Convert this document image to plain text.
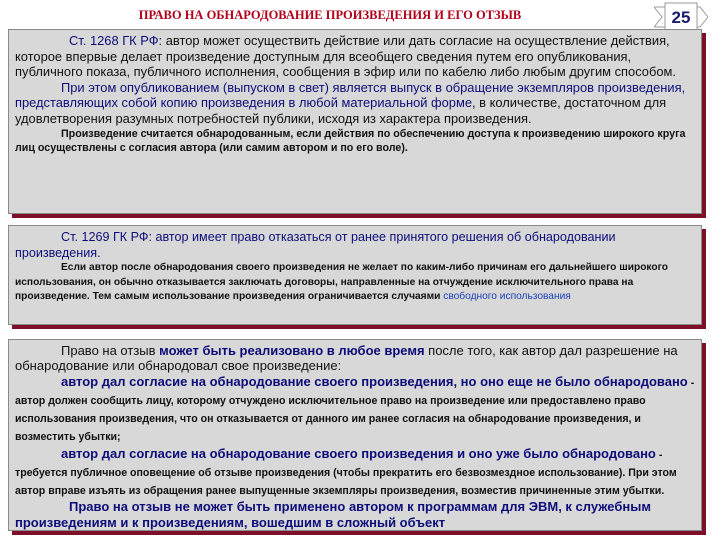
ПРАВО НА ОБНАРОДОВАНИЕ ПРОИЗВЕДЕНИЯ И ЕГО ОТЗЫВ	25

Ст. 1268 ГК РФ: автор может осуществить действие или дать согласие на осуществление действия, которое впервые делает произведение доступным для всеобщего сведения путем его опубликования, публичного показа, публичного исполнения, сообщения в эфир или по кабелю либо любым другим способом.

При этом опубликованием (выпуском в свет) является выпуск в обращение экземпляров произведения, представляющих собой копию произведения в любой материальной форме, в количестве, достаточном для удовлетворения разумных потребностей публики, исходя из характера произведения.

Произведение считается обнародованным, если действия по обеспечению доступа к произведению широкого круга лиц осуществлены с согласия автора (или самим автором и по его воле).

Ст. 1269 ГК РФ: автор имеет право отказаться от ранее принятого решения об обнародовании произведения.

Если автор после обнародования своего произведения не желает по каким-либо причинам его дальнейшего широкого использования, он обычно отказывается заключать договоры, направленные на отчуждение исключительного права на произведение. Тем самым использование произведения ограничивается случаями свободного использования

Право на отзыв может быть реализовано в любое время после того, как автор дал разрешение на обнародование или обнародовал свое произведение:

автор дал согласие на обнародование своего произведения, но оно еще не было обнародовано - автор должен сообщить лицу, которому отчуждено исключительное право на произведение или предоставлено право использования произведения, что он отказывается от данного им ранее согласия на обнародование произведения, и возместить убытки;

автор дал согласие на обнародование своего произведения и оно уже было обнародовано - требуется публичное оповещение об отзыве произведения (чтобы прекратить его безвозмездное использование). При этом автор вправе изъять из обращения ранее выпущенные экземпляры произведения, возместив причиненные этим убытки.

Право на отзыв не может быть применено автором к программам для ЭВМ, к служебным произведениям и к произведениям, вошедшим в сложный объект
